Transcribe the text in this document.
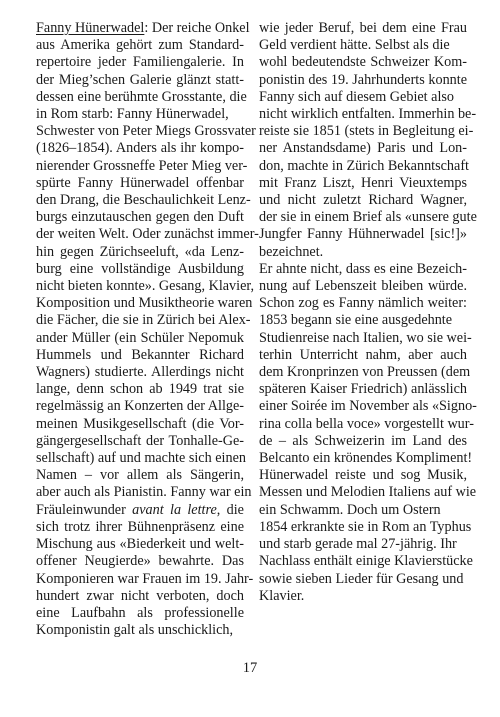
Fanny Hünerwadel: Der reiche Onkel
aus Amerika gehört zum Standard-
repertoire jeder Familiengalerie. In
der Mieg’schen Galerie glänzt statt-
dessen eine berühmte Grosstante, die
in Rom starb: Fanny Hünerwadel,
Schwester von Peter Miegs Grossvater
(1826–1854). Anders als ihr kompo-
nierender Grossneffe Peter Mieg ver-
spürte Fanny Hünerwadel offenbar
den Drang, die Beschaulichkeit Lenz-
burgs einzutauschen gegen den Duft
der weiten Welt. Oder zunächst immer-
hin gegen Zürichseeluft, «da Lenz-
burg eine vollständige Ausbildung
nicht bieten konnte». Gesang, Klavier,
Komposition und Musiktheorie waren
die Fächer, die sie in Zürich bei Alex-
ander Müller (ein Schüler Nepomuk
Hummels und Bekannter Richard
Wagners) studierte. Allerdings nicht
lange, denn schon ab 1949 trat sie
regelmässig an Konzerten der Allge-
meinen Musikgesellschaft (die Vor-
gängergesellschaft der Tonhalle-Ge-
sellschaft) auf und machte sich einen
Namen – vor allem als Sängerin,
aber auch als Pianistin. Fanny war ein
Fräuleinwunder avant la lettre, die
sich trotz ihrer Bühnenpräsenz eine
Mischung aus «Biederkeit und welt-
offener Neugierde» bewahrte. Das
Komponieren war Frauen im 19. Jahr-
hundert zwar nicht verboten, doch
eine Laufbahn als professionelle
Komponistin galt als unschicklich,
wie jeder Beruf, bei dem eine Frau
Geld verdient hätte. Selbst als die
wohl bedeutendste Schweizer Kom-
ponistin des 19. Jahrhunderts konnte
Fanny sich auf diesem Gebiet also
nicht wirklich entfalten. Immerhin be-
reiste sie 1851 (stets in Begleitung ei-
ner Anstandsdame) Paris und Lon-
don, machte in Zürich Bekanntschaft
mit Franz Liszt, Henri Vieuxtemps
und nicht zuletzt Richard Wagner,
der sie in einem Brief als «unsere gute
Jungfer Fanny Hühnerwadel [sic!]»
bezeichnet.
Er ahnte nicht, dass es eine Bezeich-
nung auf Lebenszeit bleiben würde.
Schon zog es Fanny nämlich weiter:
1853 begann sie eine ausgedehnte
Studienreise nach Italien, wo sie wei-
terhin Unterricht nahm, aber auch
dem Kronprinzen von Preussen (dem
späteren Kaiser Friedrich) anlässlich
einer Soirée im November als «Signo-
rina colla bella voce» vorgestellt wur-
de – als Schweizerin im Land des
Belcanto ein krönendes Kompliment!
Hünerwadel reiste und sog Musik,
Messen und Melodien Italiens auf wie
ein Schwamm. Doch um Ostern
1854 erkrankte sie in Rom an Typhus
und starb gerade mal 27-jährig. Ihr
Nachlass enthält einige Klavierstücke
sowie sieben Lieder für Gesang und
Klavier.
17
